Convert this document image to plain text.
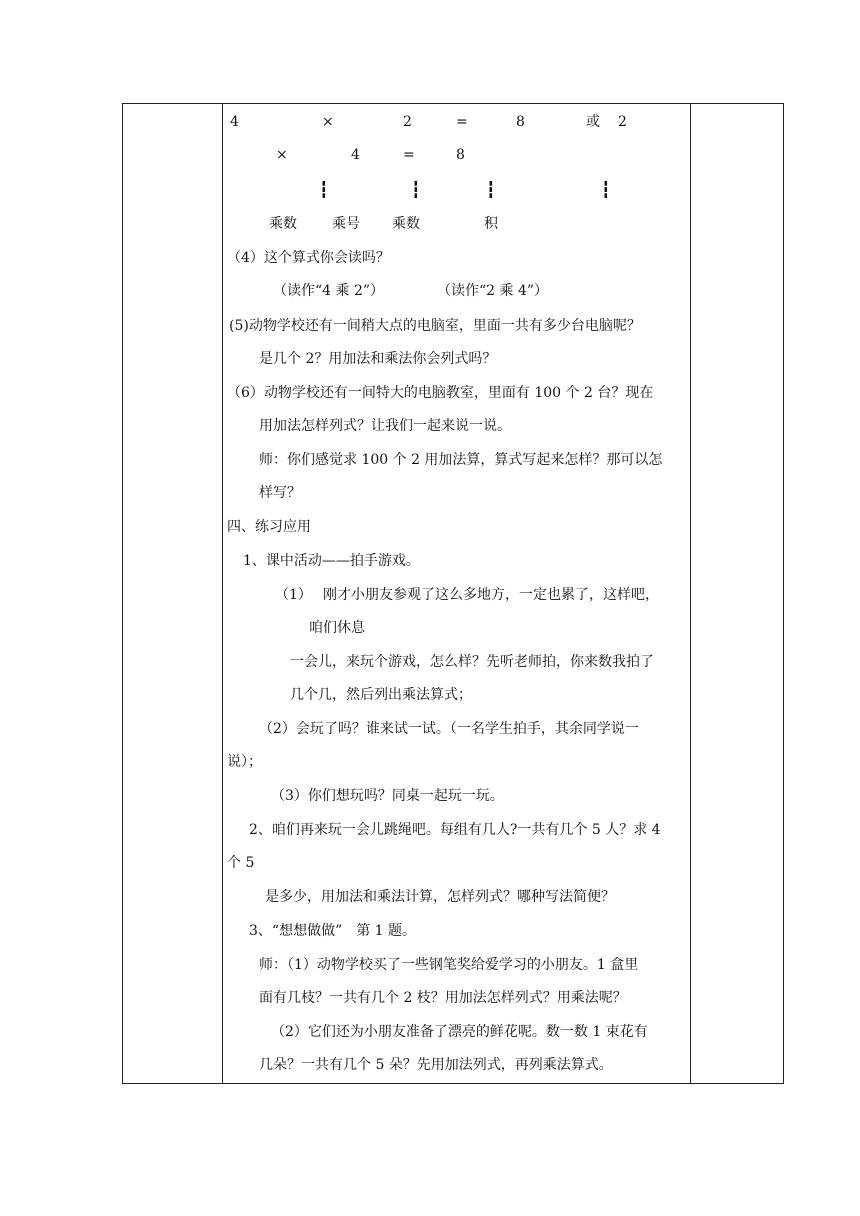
4	×	2	=	8	或 2
×	4	=	8
┇	┇	┇	┇
乘数	乘号 乘数	积
（4）这个算式你会读吗？
（读作“4 乘 2”）	（读作“2 乘 4”）
(5)动物学校还有一间稍大点的电脑室，里面一共有多少台电脑呢？
是几个 2？用加法和乘法你会列式吗？
（6）动物学校还有一间特大的电脑教室，里面有 100 个 2 台？现在
用加法怎样列式？让我们一起来说一说。
师：你们感觉求 100 个 2 用加法算，算式写起来怎样？那可以怎
样写？
四、练习应用
1、课中活动——拍手游戏。
（1） 刚才小朋友参观了这么多地方，一定也累了，这样吧，
咱们休息
一会儿，来玩个游戏，怎么样？先听老师拍，你来数我拍了
几个几，然后列出乘法算式；
（2）会玩了吗？谁来试一试。（一名学生拍手，其余同学说一
说）；
（3）你们想玩吗？同桌一起玩一玩。
2、咱们再来玩一会儿跳绳吧。每组有几人?一共有几个 5 人？求 4
个 5
是多少，用加法和乘法计算，怎样列式？哪种写法简便？
3、“想想做做”　第 1 题。
师：（1）动物学校买了一些钢笔奖给爱学习的小朋友。1 盒里
面有几枝？一共有几个 2 枝？用加法怎样列式？用乘法呢？
（2）它们还为小朋友准备了漂亮的鲜花呢。数一数 1 束花有
几朵？一共有几个 5 朵？先用加法列式，再列乘法算式。
